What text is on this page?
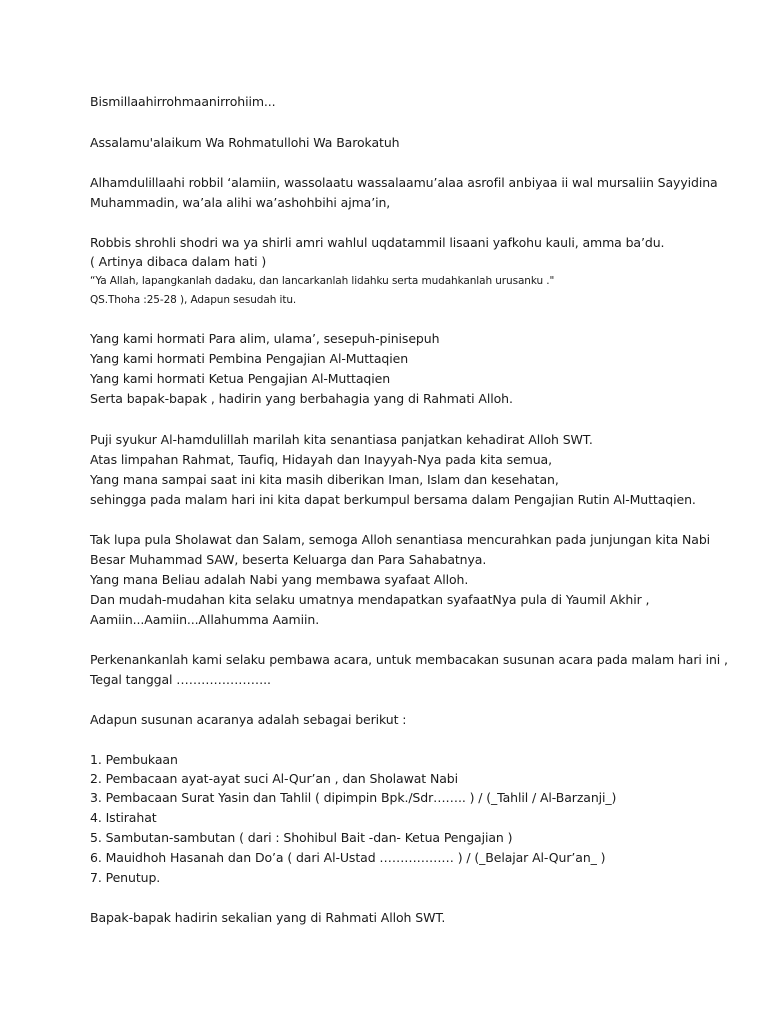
Bismillaahirrohmaanirrohiim...
Assalamu'alaikum Wa Rohmatullohi Wa Barokatuh
Alhamdulillaahi robbil ‘alamiin, wassolaatu wassalaamu’alaa asrofil anbiyaa ii wal mursaliin Sayyidina
Muhammadin, wa’ala alihi wa’ashohbihi ajma’in,
Robbis shrohli shodri wa ya shirli amri wahlul uqdatammil lisaani yafkohu kauli, amma ba’du.
( Arti͏nya dibaca dalam hati͏ )
“Ya Allah, lapangkanlah dadaku, dan lancarkanlah lidahku serta mudahkanlah urusanku ."
QS.Thoha :25-28 ), Adapun sesudah itu.
Yang kami hormati͏ Para alim, ulama’, sesepuh-pinisepuh
Yang kami hormati͏ Pembina Pengajian Al-Muttaqien
Yang kami hormati͏ Ketua Pengajian Al-Muttaqien
Serta bapak-bapak , hadirin yang berbahagia yang di Rahmati͏ Alloh.
Puji syukur Al-hamdulillah marilah kita senanti͏asa panjatkan kehadirat Alloh SWT.
Atas limpahan Rahmat, Taufiq, Hidayah dan Inayyah-Nya pada kita semua,
Yang mana sampai saat ini kita masih diberikan Iman, Islam dan kesehatan,
sehingga pada malam hari ini kita dapat berkumpul bersama dalam Pengajian Ruti͏n Al-Muttaqien.
Tak lupa pula Sholawat dan Salam, semoga Alloh senanti͏asa mencurahkan pada junjungan kita Nabi
Besar Muhammad SAW, beserta Keluarga dan Para Sahabatnya.
Yang mana Beliau adalah Nabi yang membawa syafaat Alloh.
Dan mudah-mudahan kita selaku umatnya mendapatkan syafaatNya pula di Yaumil Akhir ,
Aamiin...Aamiin...Allahumma Aamiin.
Perkenankanlah kami selaku pembawa acara, untuk membacakan susunan acara pada malam hari ini ,
Tegal tanggal …………………..
Adapun susunan acaranya adalah sebagai berikut :
1. Pembukaan
2. Pembacaan ayat-ayat suci Al-Qur’an , dan Sholawat Nabi
3. Pembacaan Surat Yasin dan Tahlil ( dipimpin Bpk./Sdr…….. ) / (_Tahlil / Al-Barzanji_)
4. Isti͏rahat
5. Sambutan-sambutan ( dari : Shohibul Bait -dan- Ketua Pengajian )
6. Mauidhoh Hasanah dan Do’a ( dari Al-Ustad ……………… ) / (_Belajar Al-Qur’an_ )
7. Penutup.
Bapak-bapak hadirin sekalian yang di Rahmati͏ Alloh SWT.
